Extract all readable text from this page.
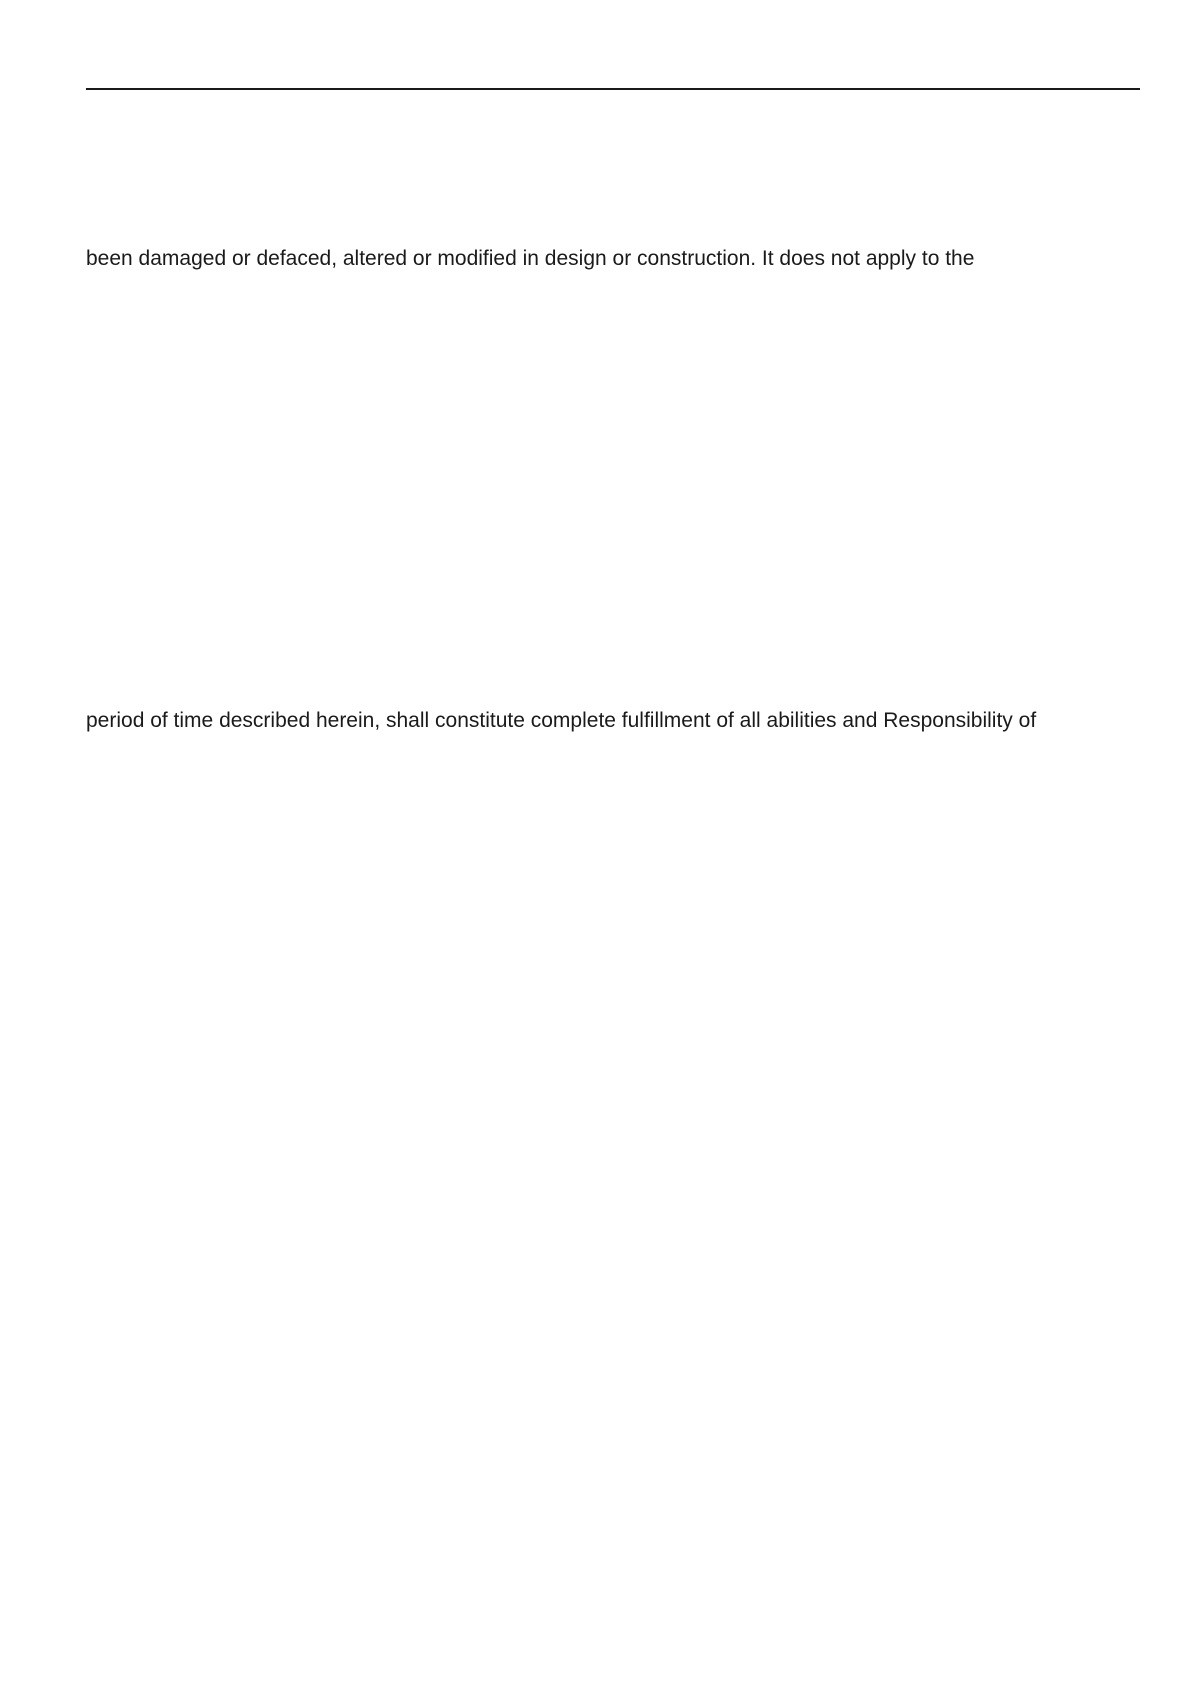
been damaged or defaced, altered or modified in design or construction. It does not apply to the
period of time described herein, shall constitute complete fulfillment of all abilities and Responsibility of
